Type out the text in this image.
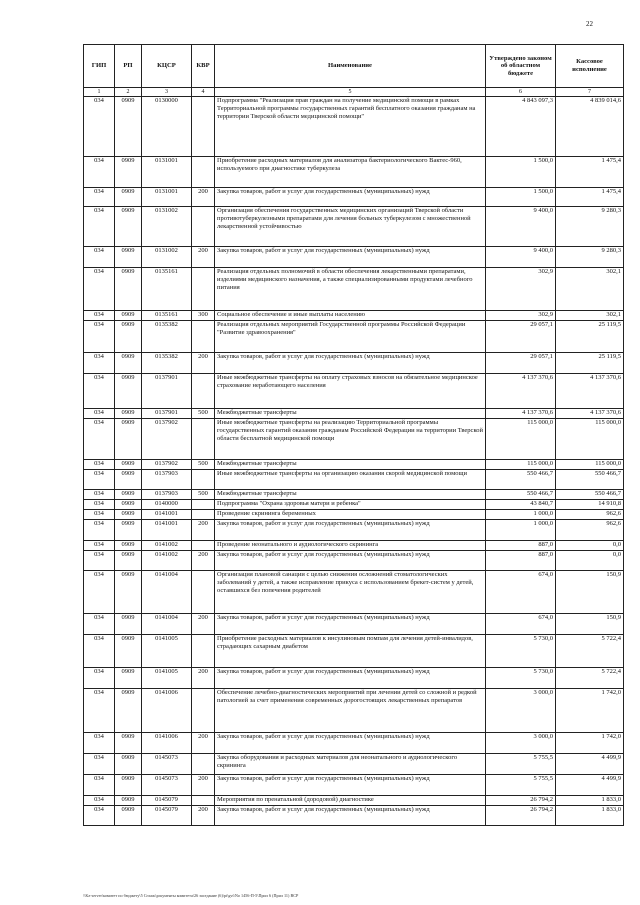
22
ГИП	РП	КЦСР	КВР	Наименование	Утверждено законом об областном бюджете	Кассовое исполнение
1	2	3	4	5	6	7
034	0909	0130000		Подпрограмма "Реализация прав граждан на получение медицинской помощи в рамках Территориальной программы государственных гарантий бесплатного оказания гражданам на территории Тверской области медицинской помощи"	4 843 097,3	4 839 014,6
034	0909	0131001		Приобретение расходных материалов для анализатора бактериологического Вактес-960, используемого при диагностике туберкулеза	1 500,0	1 475,4
034	0909	0131001	200	Закупка товаров, работ и услуг для государственных (муниципальных) нужд	1 500,0	1 475,4
034	0909	0131002		Организация обеспечения государственных медицинских организаций Тверской области противотуберкулезными препаратами для лечения больных туберкулезом с множественной лекарственной устойчивостью	9 400,0	9 280,3
034	0909	0131002	200	Закупка товаров, работ и услуг для государственных (муниципальных) нужд	9 400,0	9 280,3
034	0909	0135161		Реализация отдельных полномочий в области обеспечения лекарственными препаратами, изделиями медицинского назначения, а также специализированными продуктами лечебного питания	302,9	302,1
034	0909	0135161	300	Социальное обеспечение и иные выплаты населению	302,9	302,1
034	0909	0135382		Реализация отдельных мероприятий Государственной программы Российской Федерации "Развитие здравоохранения"	29 057,1	25 119,5
034	0909	0135382	200	Закупка товаров, работ и услуг для государственных (муниципальных) нужд	29 057,1	25 119,5
034	0909	0137901		Иные межбюджетные трансферты на оплату страховых взносов на обязательное медицинское страхование неработающего населения	4 137 370,6	4 137 370,6
034	0909	0137901	500	Межбюджетные трансферты	4 137 370,6	4 137 370,6
034	0909	0137902		Иные межбюджетные трансферты на реализацию Территориальной программы государственных гарантий оказания гражданам Российской Федерации на территории Тверской области бесплатной медицинской помощи	115 000,0	115 000,0
034	0909	0137902	500	Межбюджетные трансферты	115 000,0	115 000,0
034	0909	0137903		Иные межбюджетные трансферты на организацию оказания скорой медицинской помощи	550 466,7	550 466,7
034	0909	0137903	500	Межбюджетные трансферты	550 466,7	550 466,7
034	0909	0140000		Подпрограмма "Охрана здоровья матери и ребенка"	43 840,7	14 910,8
034	0909	0141001		Проведение скрининга беременных	1 000,0	962,6
034	0909	0141001	200	Закупка товаров, работ и услуг для государственных (муниципальных) нужд	1 000,0	962,6
034	0909	0141002		Проведение неонатального и аудиологического скрининга	887,0	0,0
034	0909	0141002	200	Закупка товаров, работ и услуг для государственных (муниципальных) нужд	887,0	0,0
034	0909	0141004		Организация плановой санации с целью снижения осложнений стоматологических заболеваний у детей, а также исправление прикуса с использованием брекет-систем у детей, оставшихся без попечения родителей	674,0	150,9
034	0909	0141004	200	Закупка товаров, работ и услуг для государственных (муниципальных) нужд	674,0	150,9
034	0909	0141005		Приобретение расходных материалов к инсулиновым помпам для лечения детей-инвалидов, страдающих сахарным диабетом	5 730,0	5 722,4
034	0909	0141005	200	Закупка товаров, работ и услуг для государственных (муниципальных) нужд	5 730,0	5 722,4
034	0909	0141006		Обеспечение лечебно-диагностических мероприятий при лечении детей со сложной и редкой патологией за счет применения современных дорогостоящих лекарственных препаратов	3 000,0	1 742,0
034	0909	0141006	200	Закупка товаров, работ и услуг для государственных (муниципальных) нужд	3 000,0	1 742,0
034	0909	0145073		Закупка оборудования и расходных материалов для неонатального и аудиологического скрининга	5 755,5	4 499,9
034	0909	0145073	200	Закупка товаров, работ и услуг для государственных (муниципальных) нужд	5 755,5	4 499,9
034	0909	0145079		Мероприятия по пренатальной (дородовой) диагностике	26 794,2	1 833,0
034	0909	0145079	200	Закупка товаров, работ и услуг для государственных (муниципальных) нужд	26 794,2	1 833,0
\\Kz-server\комитет по бюджету\5 Сглаж\документы комитета\26 заседание (6)\pt\gvt\No 1456-П-5\Прил 6 (Прил 11) ВСР
